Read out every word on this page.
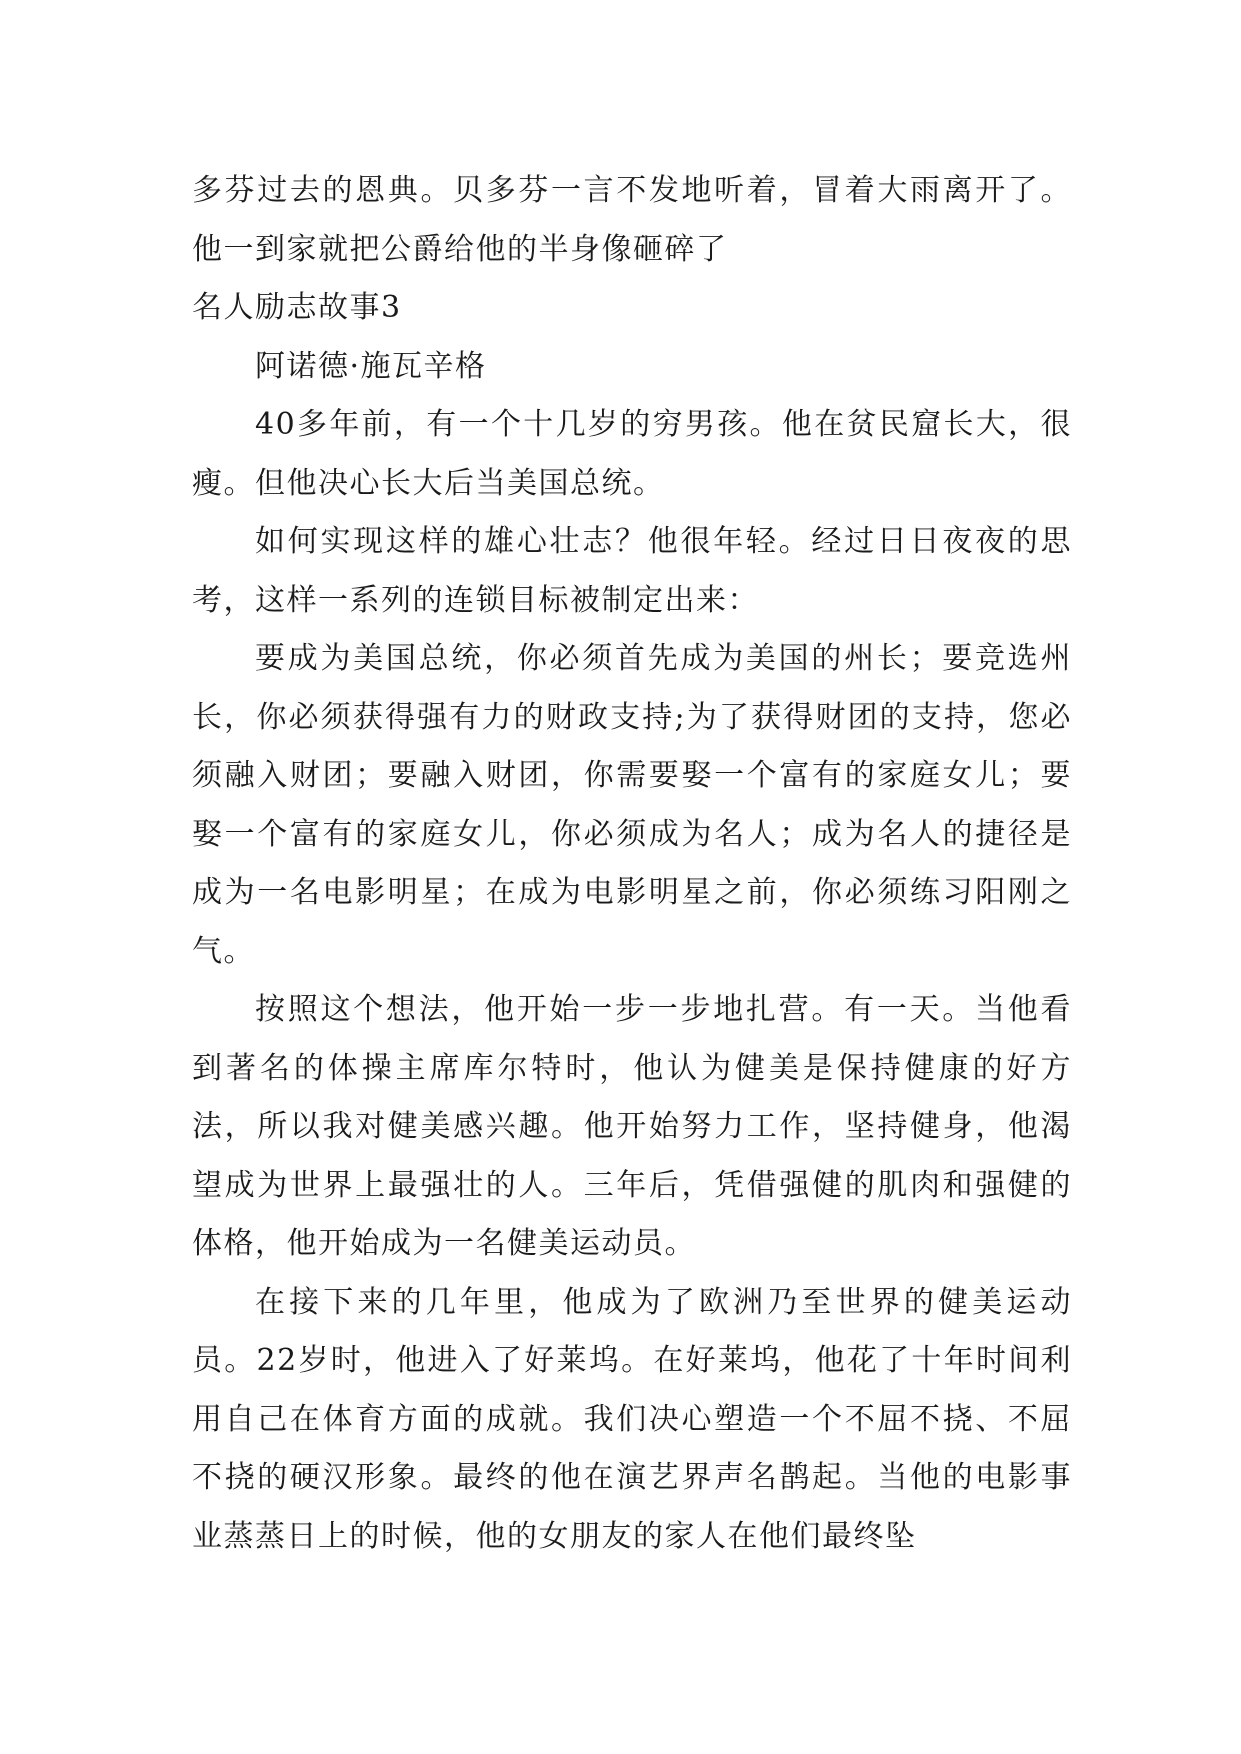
多芬过去的恩典。贝多芬一言不发地听着，冒着大雨离开了。他一到家就把公爵给他的半身像砸碎了

名人励志故事3

阿诺德·施瓦辛格

40多年前，有一个十几岁的穷男孩。他在贫民窟长大，很瘦。但他决心长大后当美国总统。

如何实现这样的雄心壮志？他很年轻。经过日日夜夜的思考，这样一系列的连锁目标被制定出来：

要成为美国总统，你必须首先成为美国的州长；要竞选州长，你必须获得强有力的财政支持;为了获得财团的支持，您必须融入财团；要融入财团，你需要娶一个富有的家庭女儿；要娶一个富有的家庭女儿，你必须成为名人；成为名人的捷径是成为一名电影明星；在成为电影明星之前，你必须练习阳刚之气。

按照这个想法，他开始一步一步地扎营。有一天。当他看到著名的体操主席库尔特时，他认为健美是保持健康的好方法，所以我对健美感兴趣。他开始努力工作，坚持健身，他渴望成为世界上最强壮的人。三年后，凭借强健的肌肉和强健的体格，他开始成为一名健美运动员。

在接下来的几年里，他成为了欧洲乃至世界的健美运动员。22岁时，他进入了好莱坞。在好莱坞，他花了十年时间利用自己在体育方面的成就。我们决心塑造一个不屈不挠、不屈不挠的硬汉形象。最终的他在演艺界声名鹊起。当他的电影事业蒸蒸日上的时候，他的女朋友的家人在他们最终坠
